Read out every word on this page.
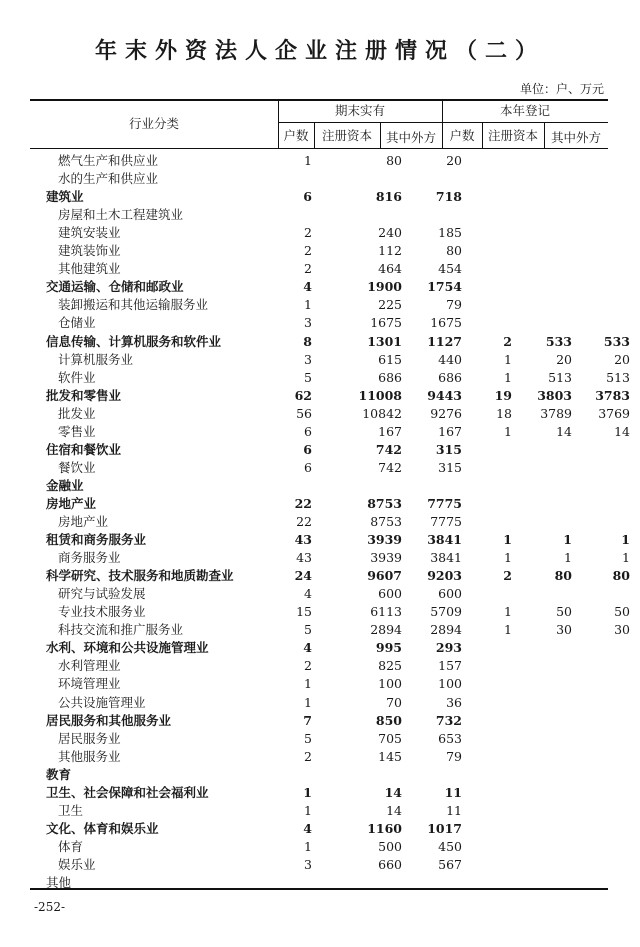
年末外资法人企业注册情况（二）
单位：户、万元
行业分类
期末实有	本年登记
户数	注册资本	其中外方	户数	注册资本	其中外方
燃气生产和供应业	1	80	20
水的生产和供应业
建筑业	6	816	718
房屋和土木工程建筑业
建筑安装业	2	240	185
建筑装饰业	2	112	80
其他建筑业	2	464	454
交通运输、仓储和邮政业	4	1900	1754
装卸搬运和其他运输服务业	1	225	79
仓储业	3	1675	1675
信息传输、计算机服务和软件业	8	1301	1127	2	533	533
计算机服务业	3	615	440	1	20	20
软件业	5	686	686	1	513	513
批发和零售业	62	11008	9443	19	3803	3783
批发业	56	10842	9276	18	3789	3769
零售业	6	167	167	1	14	14
住宿和餐饮业	6	742	315
餐饮业	6	742	315
金融业
房地产业	22	8753	7775
房地产业	22	8753	7775
租赁和商务服务业	43	3939	3841	1	1	1
商务服务业	43	3939	3841	1	1	1
科学研究、技术服务和地质勘查业	24	9607	9203	2	80	80
研究与试验发展	4	600	600
专业技术服务业	15	6113	5709	1	50	50
科技交流和推广服务业	5	2894	2894	1	30	30
水利、环境和公共设施管理业	4	995	293
水利管理业	2	825	157
环境管理业	1	100	100
公共设施管理业	1	70	36
居民服务和其他服务业	7	850	732
居民服务业	5	705	653
其他服务业	2	145	79
教育
卫生、社会保障和社会福利业	1	14	11
卫生	1	14	11
文化、体育和娱乐业	4	1160	1017
体育	1	500	450
娱乐业	3	660	567
其他
-252-
